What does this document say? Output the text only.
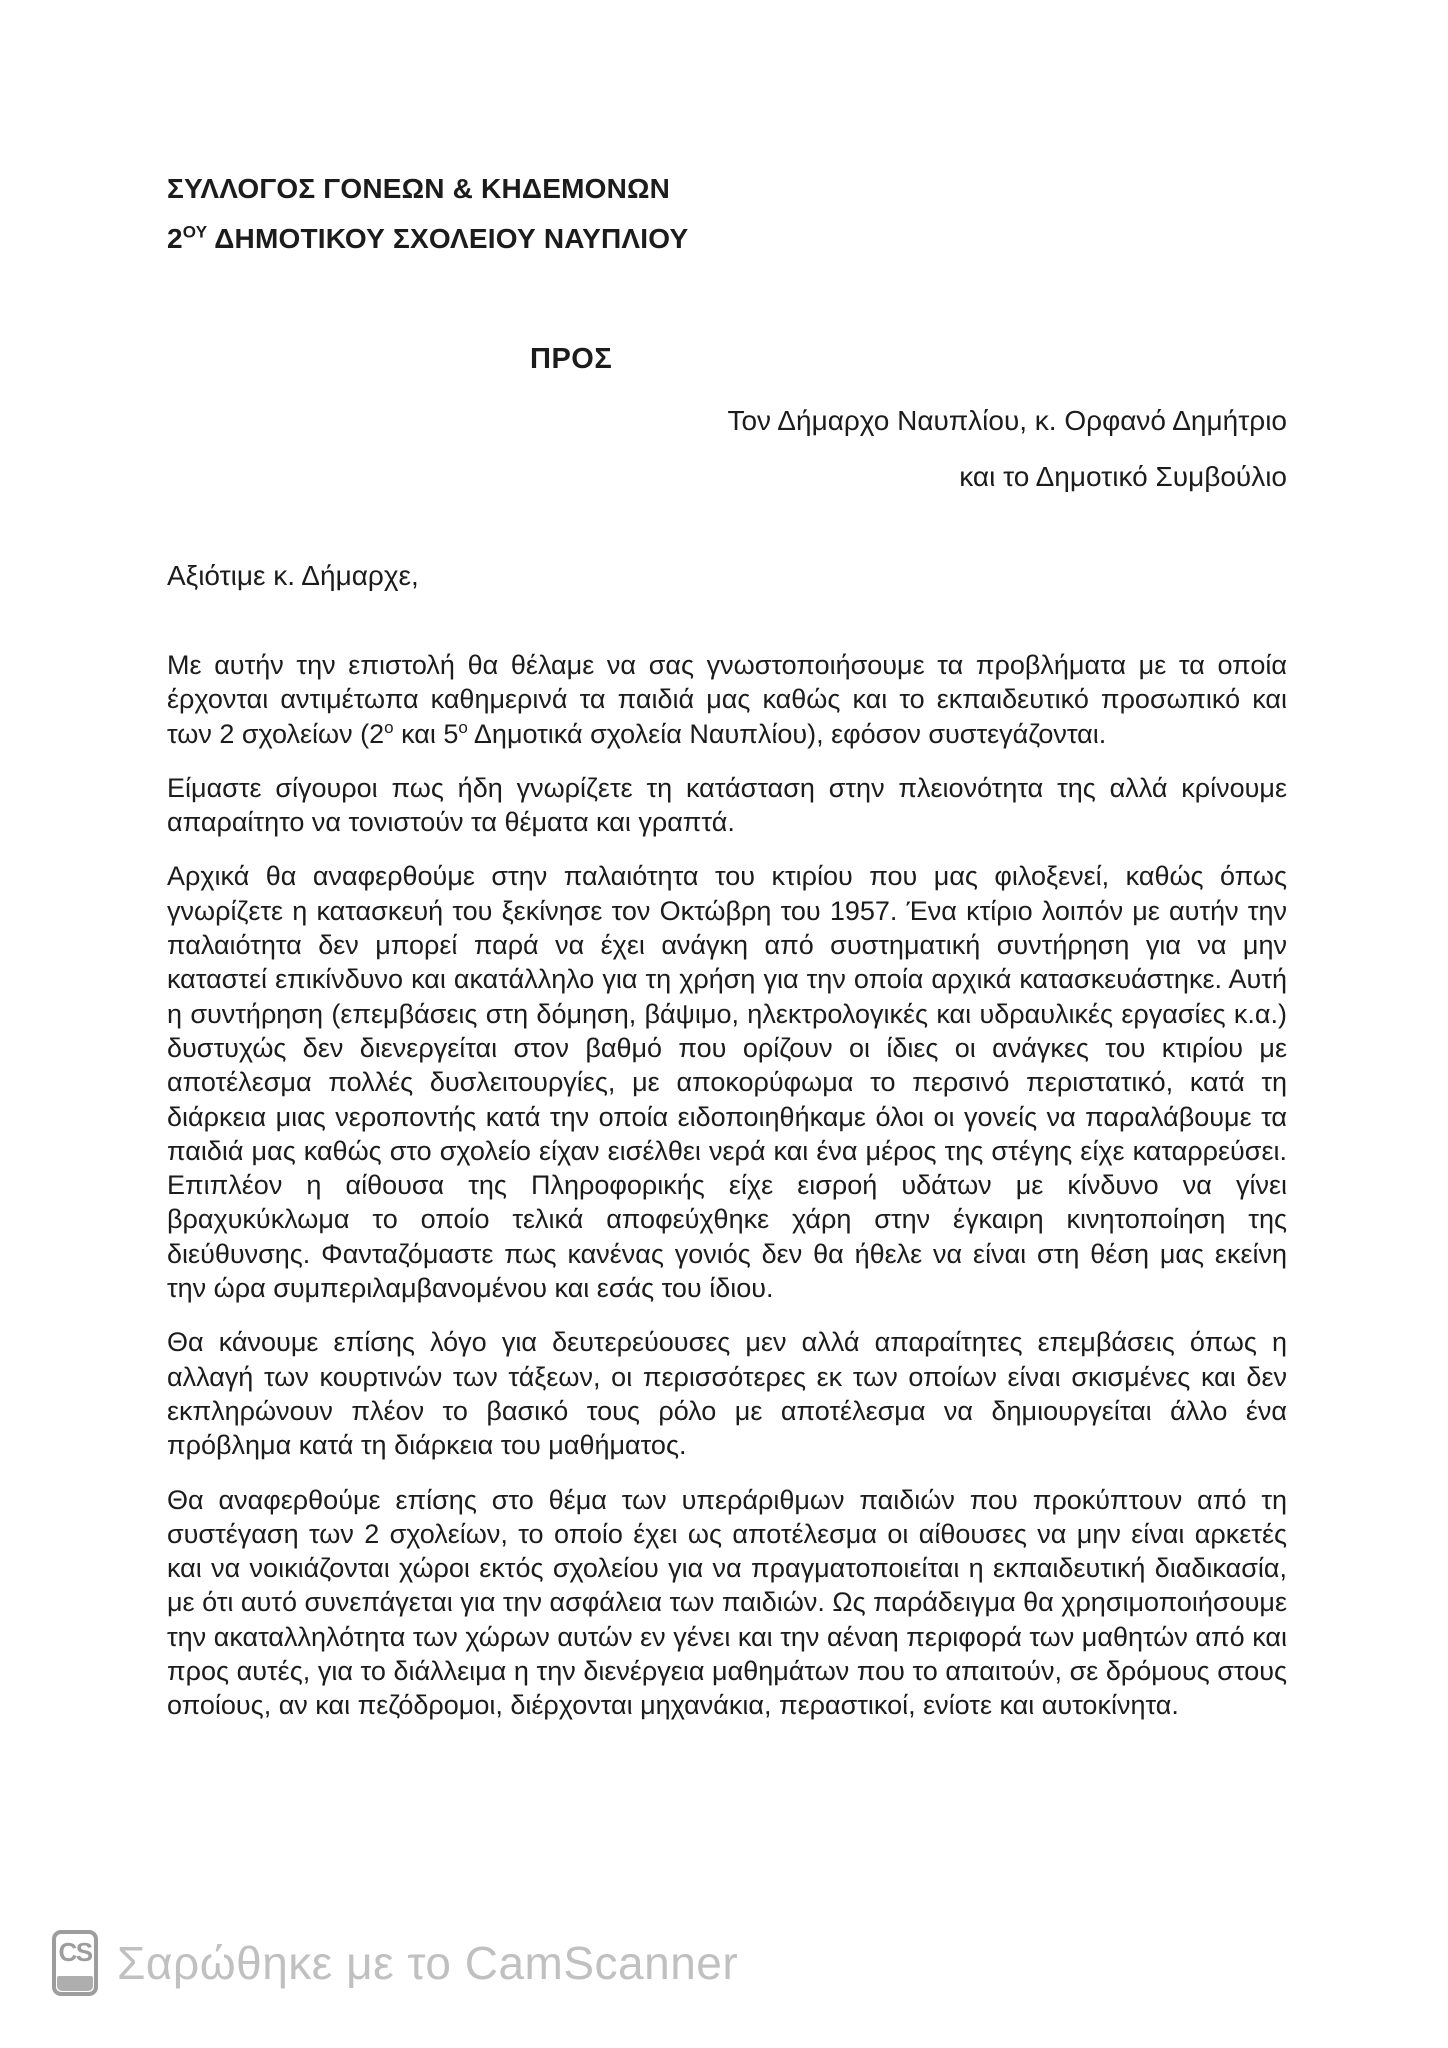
ΣΥΛΛΟΓΟΣ ΓΟΝΕΩΝ & ΚΗΔΕΜΟΝΩΝ
$2^{O\Upsilon}$ ΔΗΜΟΤΙΚΟΥ ΣΧΟΛΕΙΟΥ ΝΑΥΠΛΙΟΥ
ΠΡΟΣ
Τον Δήμαρχο Ναυπλίου, κ. Ορφανό Δημήτριο
και το Δημοτικό Συμβούλιο
Αξιότιμε κ. Δήμαρχε,

Με αυτήν την επιστολή θα θέλαμε να σας γνωστοποιήσουμε τα προβλήματα με τα οποία έρχονται αντιμέτωπα καθημερινά τα παιδιά μας καθώς και το εκπαιδευτικό προσωπικό και των 2 σχολείων ($2^o$ και $5^o$ Δημοτικά σχολεία Ναυπλίου), εφόσον συστεγάζονται.

Είμαστε σίγουροι πως ήδη γνωρίζετε τη κατάσταση στην πλειονότητα της αλλά κρίνουμε απαραίτητο να τονιστούν τα θέματα και γραπτά.

Αρχικά θα αναφερθούμε στην παλαιότητα του κτιρίου που μας φιλοξενεί, καθώς όπως γνωρίζετε η κατασκευή του ξεκίνησε τον Οκτώβρη του 1957. Ένα κτίριο λοιπόν με αυτήν την παλαιότητα δεν μπορεί παρά να έχει ανάγκη από συστηματική συντήρηση για να μην καταστεί επικίνδυνο και ακατάλληλο για τη χρήση για την οποία αρχικά κατασκευάστηκε. Αυτή η συντήρηση (επεμβάσεις στη δόμηση, βάψιμο, ηλεκτρολογικές και υδραυλικές εργασίες κ.α.) δυστυχώς δεν διενεργείται στον βαθμό που ορίζουν οι ίδιες οι ανάγκες του κτιρίου με αποτέλεσμα πολλές δυσλειτουργίες, με αποκορύφωμα το περσινό περιστατικό, κατά τη διάρκεια μιας νεροποντής κατά την οποία ειδοποιηθήκαμε όλοι οι γονείς να παραλάβουμε τα παιδιά μας καθώς στο σχολείο είχαν εισέλθει νερά και ένα μέρος της στέγης είχε καταρρεύσει. Επιπλέον η αίθουσα της Πληροφορικής είχε εισροή υδάτων με κίνδυνο να γίνει βραχυκύκλωμα το οποίο τελικά αποφεύχθηκε χάρη στην έγκαιρη κινητοποίηση της διεύθυνσης. Φανταζόμαστε πως κανένας γονιός δεν θα ήθελε να είναι στη θέση μας εκείνη την ώρα συμπεριλαμβανομένου και εσάς του ίδιου.

Θα κάνουμε επίσης λόγο για δευτερεύουσες μεν αλλά απαραίτητες επεμβάσεις όπως η αλλαγή των κουρτινών των τάξεων, οι περισσότερες εκ των οποίων είναι σκισμένες και δεν εκπληρώνουν πλέον το βασικό τους ρόλο με αποτέλεσμα να δημιουργείται άλλο ένα πρόβλημα κατά τη διάρκεια του μαθήματος.

Θα αναφερθούμε επίσης στο θέμα των υπεράριθμων παιδιών που προκύπτουν από τη συστέγαση των 2 σχολείων, το οποίο έχει ως αποτέλεσμα οι αίθουσες να μην είναι αρκετές και να νοικιάζονται χώροι εκτός σχολείου για να πραγματοποιείται η εκπαιδευτική διαδικασία, με ότι αυτό συνεπάγεται για την ασφάλεια των παιδιών. Ως παράδειγμα θα χρησιμοποιήσουμε την ακαταλληλότητα των χώρων αυτών εν γένει και την αέναη περιφορά των μαθητών από και προς αυτές, για το διάλλειμα η την διενέργεια μαθημάτων που το απαιτούν, σε δρόμους στους οποίους, αν και πεζόδρομοι, διέρχονται μηχανάκια, περαστικοί, ενίοτε και αυτοκίνητα.

CS Σαρώθηκε με το CamScanner
